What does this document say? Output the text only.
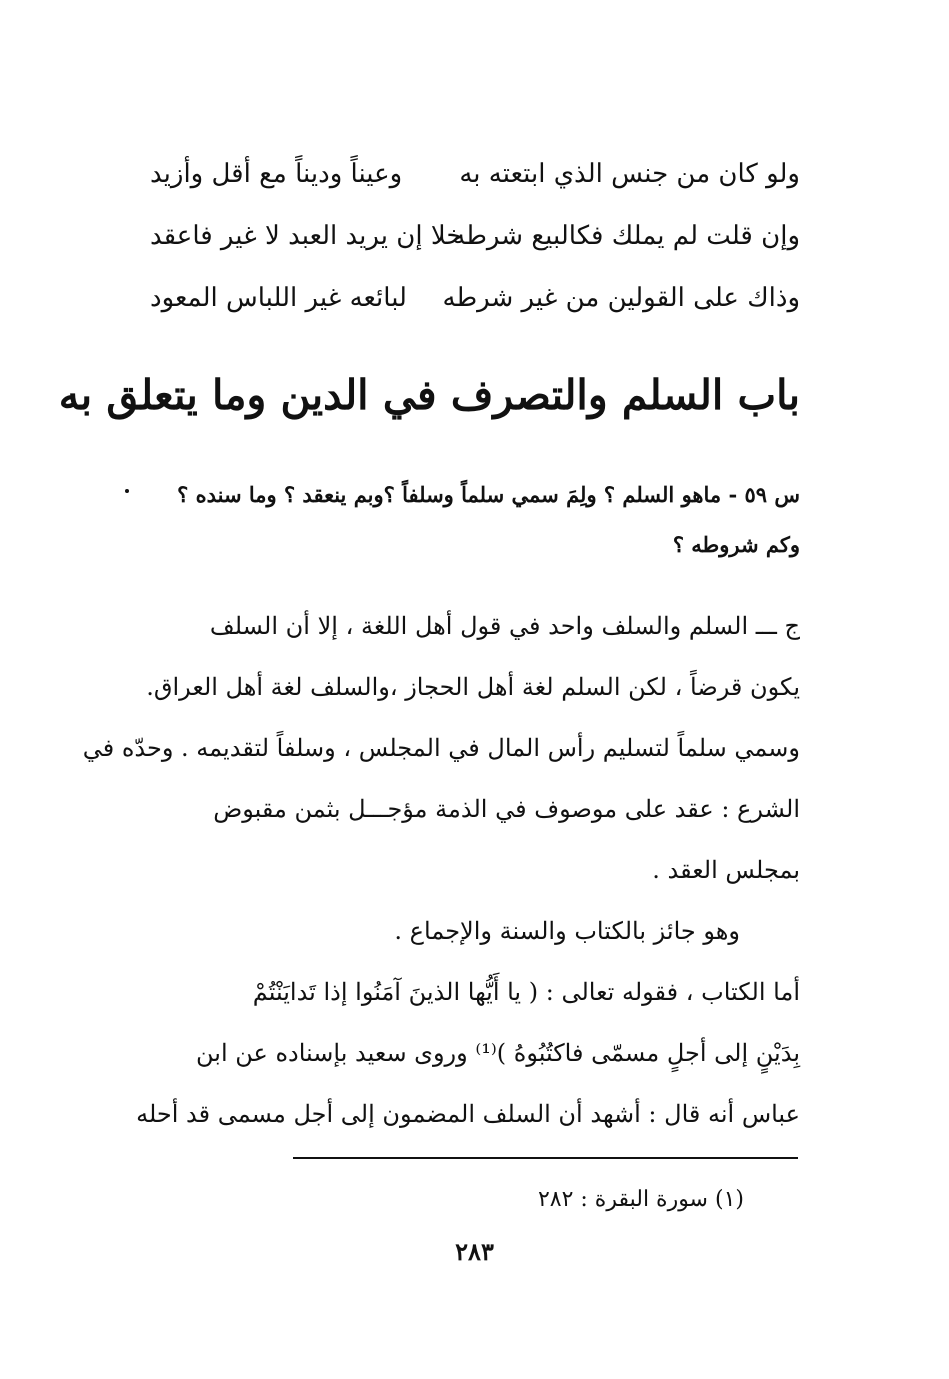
ولو كان من جنس الذي ابتعته به
وعيناً وديناً مع أقل وأزيد
وإن قلت لم يملك فكالبيع شرطه
خلا إن يريد العبد لا غير فاعقد
وذاك على القولين من غير شرطه
لبائعه غير اللباس المعود
باب السلم والتصرف في الدين وما يتعلق به
س ٥٩ - ماهو السلم ؟ ولِمَ سمي سلماً وسلفاً ؟وبم ينعقد ؟ وما سنده ؟
وكم شروطه ؟
ج ـــ السلم والسلف واحد في قول أهل اللغة ، إلا أن السلف
يكون قرضاً ، لكن السلم لغة أهل الحجاز ،والسلف لغة أهل العراق.
وسمي سلماً لتسليم رأس المال في المجلس ، وسلفاً لتقديمه . وحدّه في
الشرع : عقد على موصوف في الذمة مؤجـــل بثمن مقبوض
بمجلس العقد .
وهو جائز بالكتاب والسنة والإجماع .
أما الكتاب ، فقوله تعالى : ( يا أَيُّها الذينَ آمَنُوا إذا تَدايَنْتُمْ
بِدَيْنٍ إلى أجلٍ مسمّى فاكتُبُوهُ )⁽¹⁾ وروى سعيد بإسناده عن ابن
عباس أنه قال : أشهد أن السلف المضمون إلى أجل مسمى قد أحله
(١) سورة البقرة : ٢٨٢
٢٨٣
